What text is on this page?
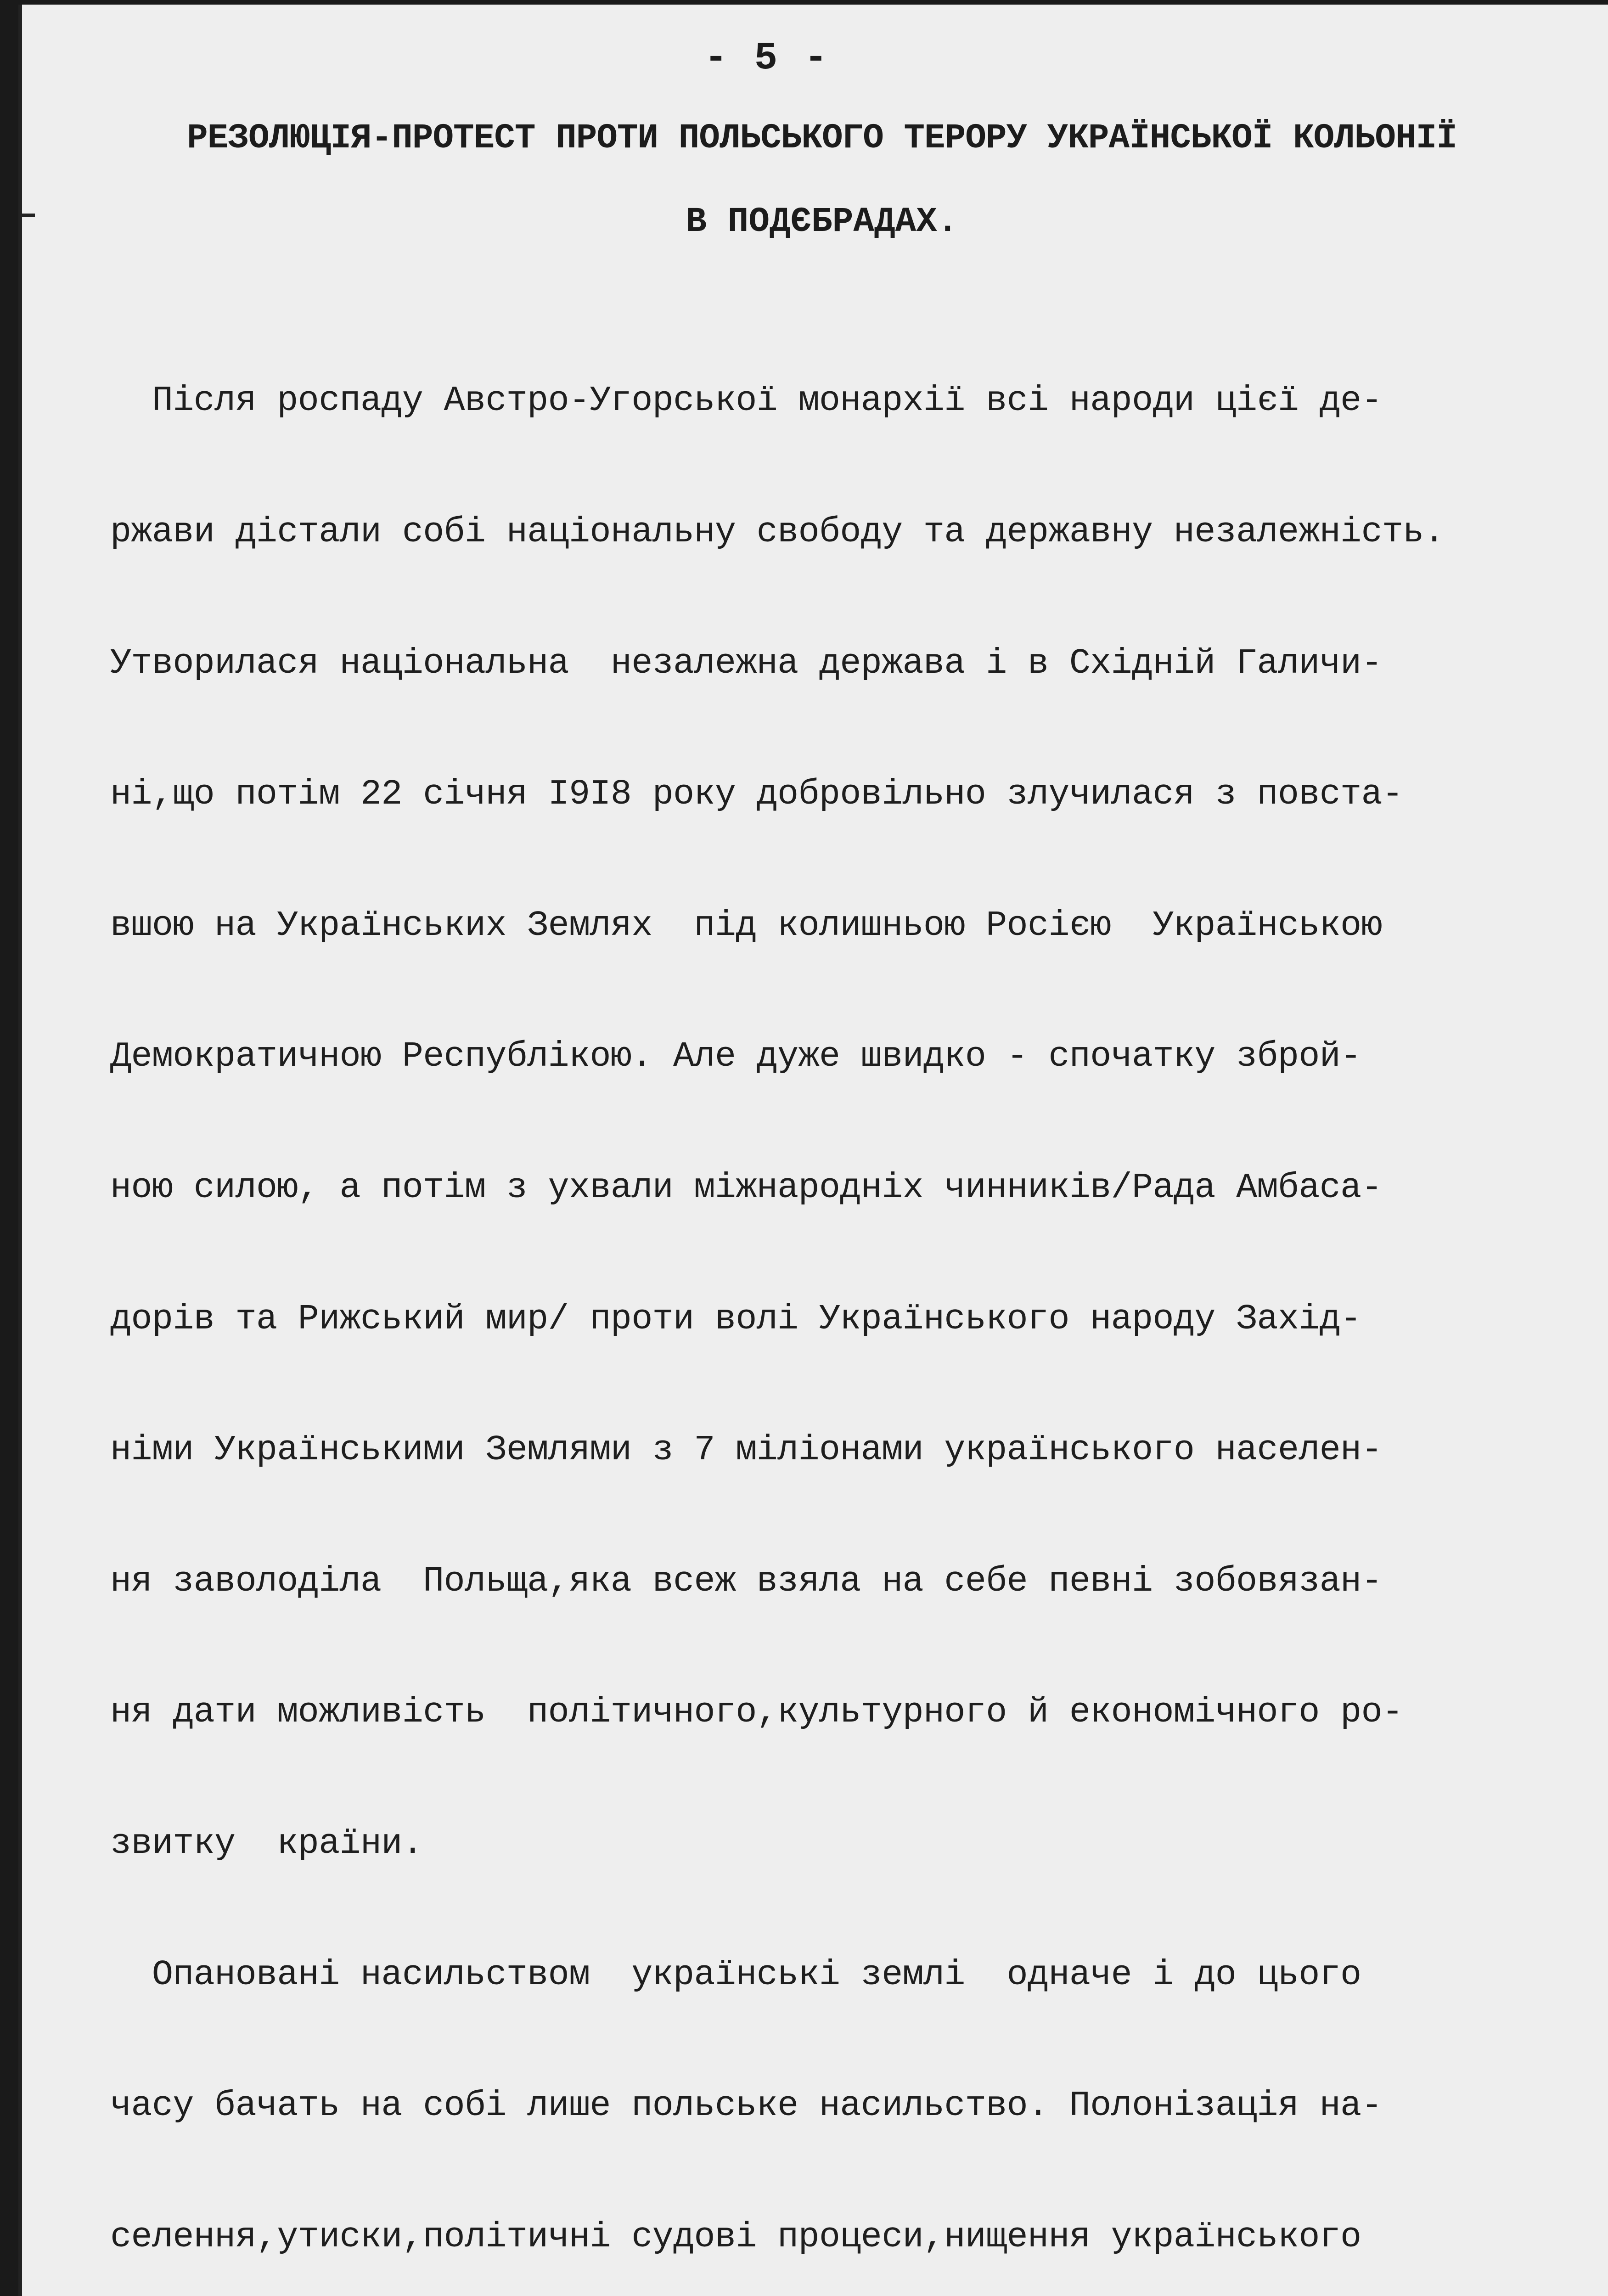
- 5 -
РЕЗОЛЮЦІЯ-ПРОТЕСТ ПРОТИ ПОЛЬСЬКОГО ТЕРОРУ УКРАЇНСЬКОЇ КОЛЬОНІЇ
В ПОДЄБРАДАХ.

Після роспаду Австро-Угорської монархії всі народи цієї де-

ржави дістали собі національну свободу та державну незалежність.

Утворилася національна  незалежна держава і в Східній Галичи-

ні,що потім 22 січня І9І8 року добровільно злучилася з повста-

вшою на Українських Землях  під колишньою Росією  Українською

Демократичною Республікою. Але дуже швидко - спочатку збрoй-

ною силою, а потім з ухвали міжнародніх чинників/Рада Амбаса-

дорів та Рижський мир/ проти волі Українського народу Захід-

німи Українськими Землями з 7 міліонами українського населен-

ня заволоділа  Польща,яка всеж взяла на себе певні зобовязан-

ня дати можливість  політичного,культурного й економічного ро-

звитку  країни.

Опановані насильством  українські землі  одначе і до цього

часу бачать на собі лише польське насильство. Полонізація на-

селення,утиски,політичні судові процеси,нищення українського
